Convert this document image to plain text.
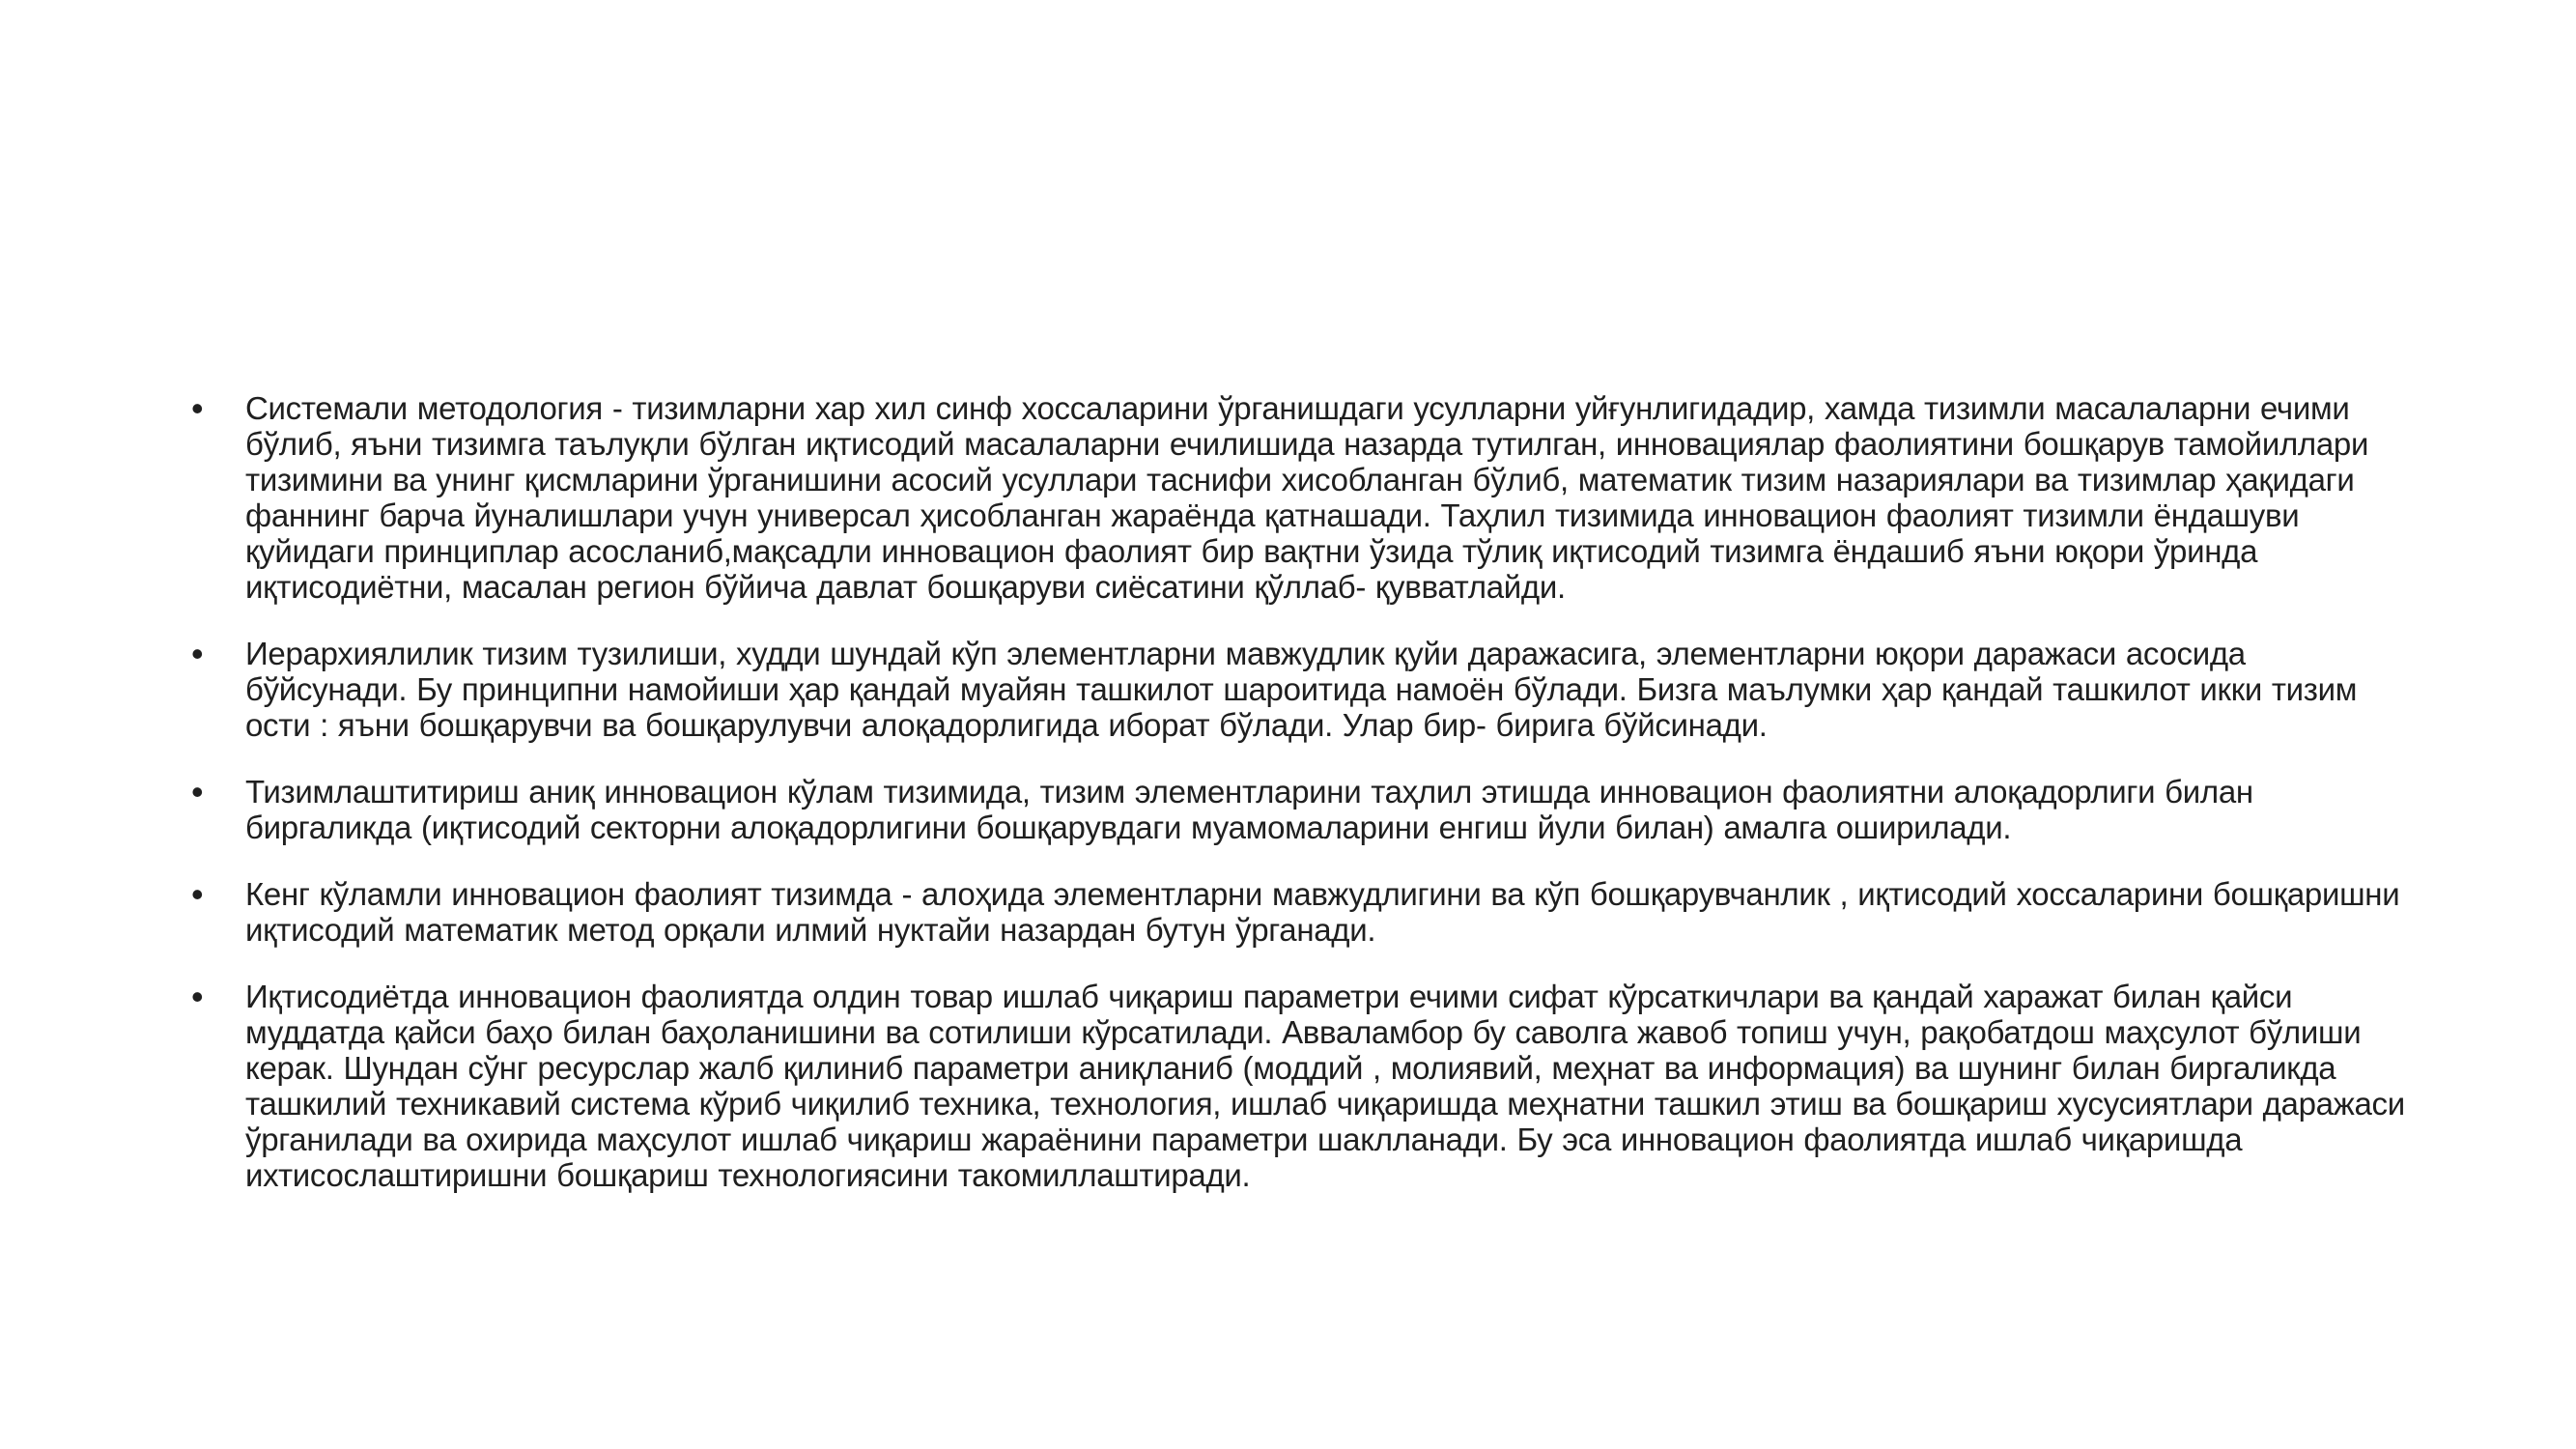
• Системали методология - тизимларни хар хил синф хоссаларини ўрганишдаги усулларни уйғунлигидадир, хамда тизимли масалаларни ечими бўлиб, яъни тизимга таълуқли бўлган иқтисодий масалаларни ечилишида назарда тутилган, инновациялар фаолиятини бошқарув тамойиллари тизимини ва унинг қисмларини ўрганишини асосий усуллари таснифи хисобланган бўлиб, математик тизим назариялари ва тизимлар ҳақидаги фаннинг барча йуналишлари учун универсал ҳисобланган жараёнда қатнашади. Таҳлил тизимида инновацион фаолият тизимли ёндашуви қуйидаги принциплар асосланиб,мақсадли инновацион фаолият бир вақтни ўзида тўлиқ иқтисодий тизимга ёндашиб яъни юқори ўринда иқтисодиётни, масалан регион бўйича давлат бошқаруви сиёсатини қўллаб- қувватлайди.
• Иерархиялилик тизим тузилиши, худди шундай кўп элементларни мавжудлик қуйи даражасига, элементларни юқори даражаси асосида бўйсунади. Бу принципни намойиши ҳар қандай муайян ташкилот шароитида намоён бўлади. Бизга маълумки ҳар қандай ташкилот икки тизим ости : яъни бошқарувчи ва бошқарулувчи алоқадорлигида иборат бўлади. Улар бир- бирига бўйсинади.
• Тизимлаштитириш аниқ инновацион кўлам тизимида, тизим элементларини таҳлил этишда инновацион фаолиятни алоқадорлиги билан биргаликда (иқтисодий секторни алоқадорлигини бошқарувдаги муамомаларини енгиш йули билан) амалга оширилади.
• Кенг кўламли инновацион фаолият тизимда - алоҳида элементларни мавжудлигини ва кўп бошқарувчанлик , иқтисодий хоссаларини бошқаришни иқтисодий математик метод орқали илмий нуктайи назардан бутун ўрганади.
• Иқтисодиётда инновацион фаолиятда олдин товар ишлаб чиқариш параметри ечими сифат кўрсаткичлари ва қандай харажат билан қайси муддатда қайси баҳо билан баҳоланишини ва сотилиши кўрсатилади. Авваламбор бу саволга жавоб топиш учун, рақобатдош маҳсулот бўлиши керак. Шундан сўнг ресурслар жалб қилиниб параметри аниқланиб (моддий , молиявий, меҳнат ва информация) ва шунинг билан биргаликда ташкилий техникавий система кўриб чиқилиб техника, технология, ишлаб чиқаришда меҳнатни ташкил этиш ва бошқариш хусусиятлари даражаси ўрганилади ва охирида маҳсулот ишлаб чиқариш жараёнини параметри шаклланади. Бу эса инновацион фаолиятда ишлаб чиқаришда ихтисослаштиришни бошқариш технологиясини такомиллаштиради.
